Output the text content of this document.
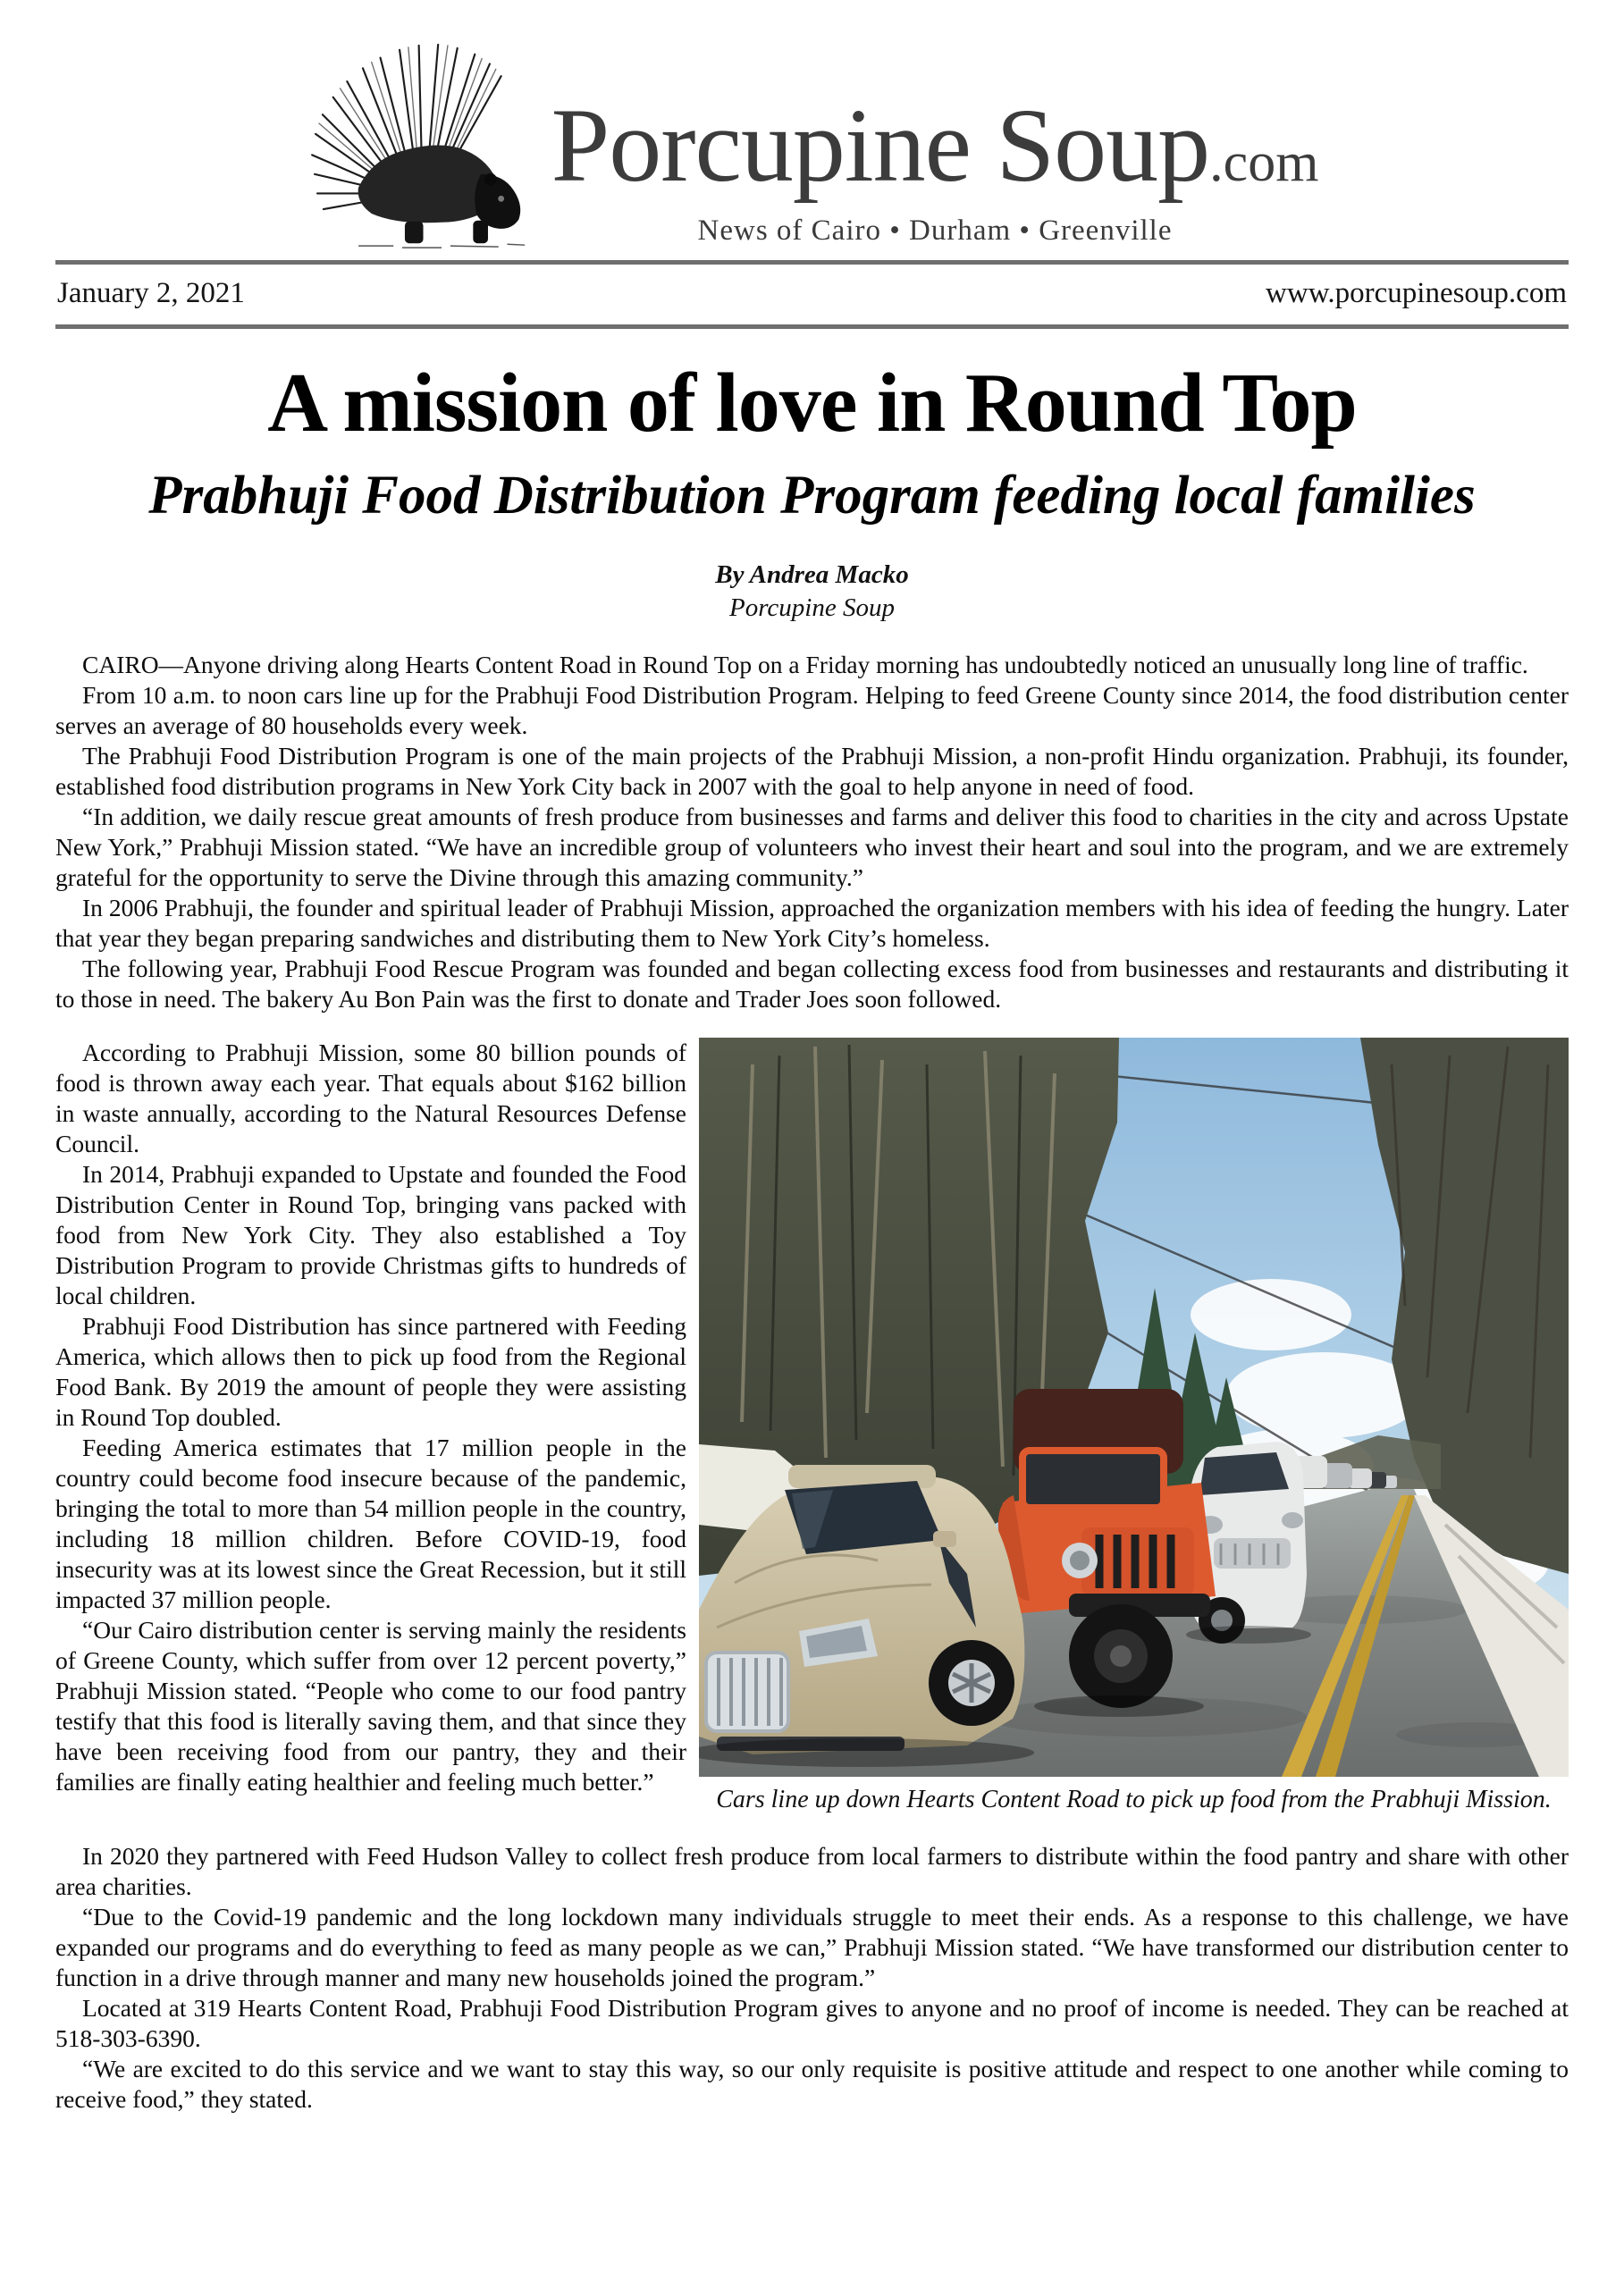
Porcupine Soup.com
News of Cairo • Durham • Greenville
January 2, 2021	www.porcupinesoup.com
A mission of love in Round Top
Prabhuji Food Distribution Program feeding local families
By Andrea Macko
Porcupine Soup

CAIRO—Anyone driving along Hearts Content Road in Round Top on a Friday morning has undoubtedly noticed an unusually long line of traffic.

From 10 a.m. to noon cars line up for the Prabhuji Food Distribution Program. Helping to feed Greene County since 2014, the food distribution center serves an average of 80 households every week.

The Prabhuji Food Distribution Program is one of the main projects of the Prabhuji Mission, a non-profit Hindu organization. Prabhuji, its founder, established food distribution programs in New York City back in 2007 with the goal to help anyone in need of food.

“In addition, we daily rescue great amounts of fresh produce from businesses and farms and deliver this food to charities in the city and across Upstate New York,” Prabhuji Mission stated. “We have an incredible group of volunteers who invest their heart and soul into the program, and we are extremely grateful for the opportunity to serve the Divine through this amazing community.”

In 2006 Prabhuji, the founder and spiritual leader of Prabhuji Mission, approached the organization members with his idea of feeding the hungry. Later that year they began preparing sandwiches and distributing them to New York City’s homeless.

The following year, Prabhuji Food Rescue Program was founded and began collecting excess food from businesses and restaurants and distributing it to those in need. The bakery Au Bon Pain was the first to donate and Trader Joes soon followed.

According to Prabhuji Mission, some 80 billion pounds of food is thrown away each year. That equals about $162 billion in waste annually, according to the Natural Resources Defense Council.

In 2014, Prabhuji expanded to Upstate and founded the Food Distribution Center in Round Top, bringing vans packed with food from New York City. They also established a Toy Distribution Program to provide Christmas gifts to hundreds of local children.

Prabhuji Food Distribution has since partnered with Feeding America, which allows then to pick up food from the Regional Food Bank. By 2019 the amount of people they were assisting in Round Top doubled.

Feeding America estimates that 17 million people in the country could become food insecure because of the pandemic, bringing the total to more than 54 million people in the country, including 18 million children. Before COVID-19, food insecurity was at its lowest since the Great Recession, but it still impacted 37 million people.

“Our Cairo distribution center is serving mainly the residents of Greene County, which suffer from over 12 percent poverty,” Prabhuji Mission stated. “People who come to our food pantry testify that this food is literally saving them, and that since they have been receiving food from our pantry, they and their families are finally eating healthier and feeling much better.”

Cars line up down Hearts Content Road to pick up food from the Prabhuji Mission.

In 2020 they partnered with Feed Hudson Valley to collect fresh produce from local farmers to distribute within the food pantry and share with other area charities.

“Due to the Covid-19 pandemic and the long lockdown many individuals struggle to meet their ends. As a response to this challenge, we have expanded our programs and do everything to feed as many people as we can,” Prabhuji Mission stated. “We have transformed our distribution center to function in a drive through manner and many new households joined the program.”

Located at 319 Hearts Content Road, Prabhuji Food Distribution Program gives to anyone and no proof of income is needed. They can be reached at 518-303-6390.

“We are excited to do this service and we want to stay this way, so our only requisite is positive attitude and respect to one another while coming to receive food,” they stated.
